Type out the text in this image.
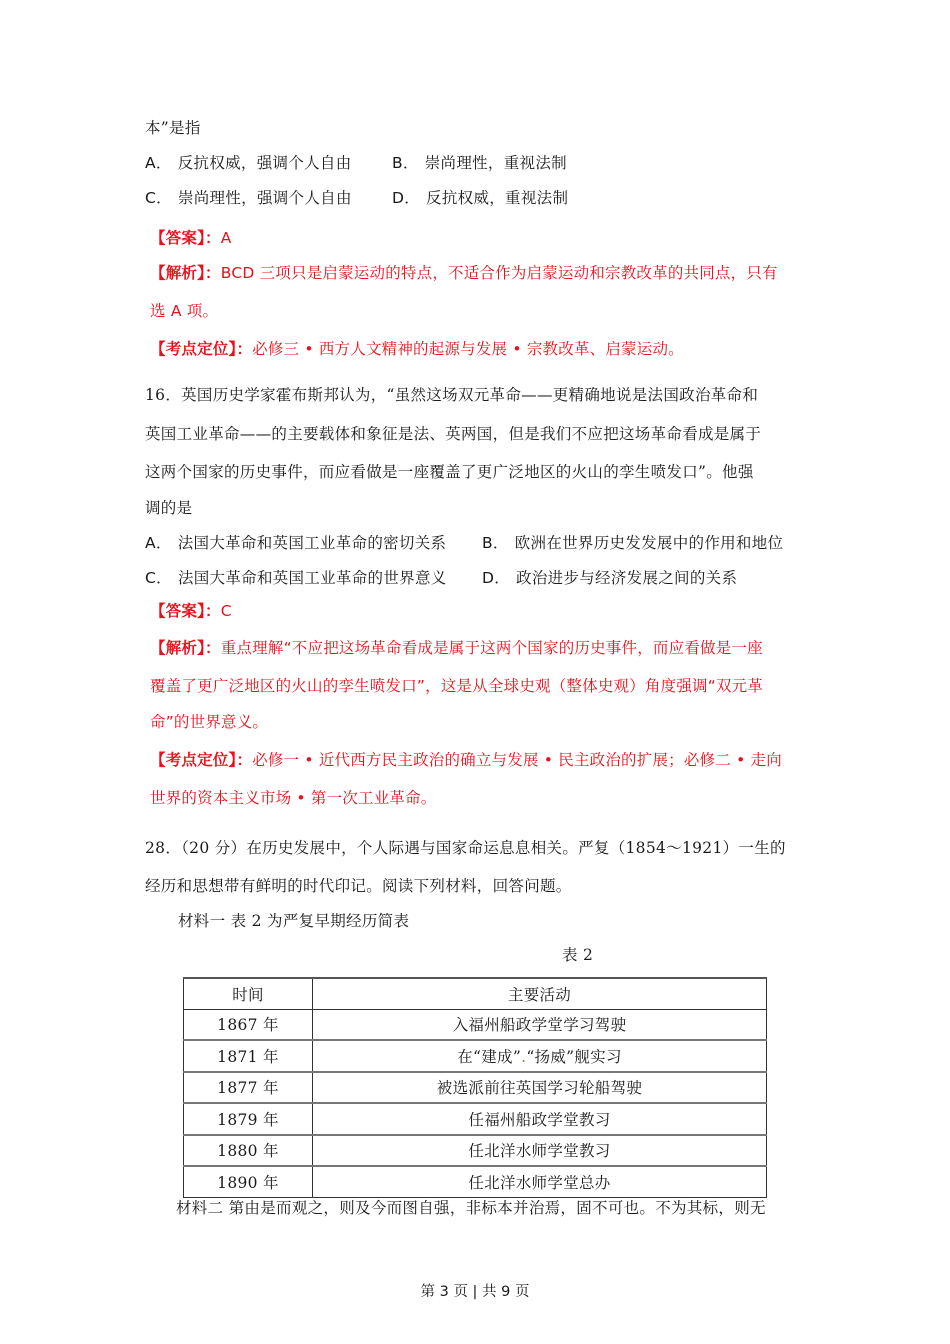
本”是指
A． 反抗权威，强调个人自由	B． 崇尚理性，重视法制
C． 崇尚理性，强调个人自由	D． 反抗权威，重视法制
【答案】：A
【解析】：BCD 三项只是启蒙运动的特点，不适合作为启蒙运动和宗教改革的共同点，只有
选 A 项。
【考点定位】：必修三 • 西方人文精神的起源与发展 • 宗教改革、启蒙运动。
16．英国历史学家霍布斯邦认为，“虽然这场双元革命——更精确地说是法国政治革命和
英国工业革命——的主要载体和象征是法、英两国，但是我们不应把这场革命看成是属于
这两个国家的历史事件，而应看做是一座覆盖了更广泛地区的火山的孪生喷发口”。他强
调的是
A． 法国大革命和英国工业革命的密切关系 B． 欧洲在世界历史发发展中的作用和地位
C． 法国大革命和英国工业革命的世界意义 D． 政治进步与经济发展之间的关系
【答案】：C
【解析】：重点理解“不应把这场革命看成是属于这两个国家的历史事件，而应看做是一座
覆盖了更广泛地区的火山的孪生喷发口”，这是从全球史观（整体史观）角度强调“双元革
命”的世界意义。
【考点定位】：必修一 • 近代西方民主政治的确立与发展 • 民主政治的扩展；必修二 • 走向
世界的资本主义市场 • 第一次工业革命。
28．（20 分）在历史发展中，个人际遇与国家命运息息相关。严复（1854～1921）一生的
经历和思想带有鲜明的时代印记。阅读下列材料，回答问题。
材料一 表 2 为严复早期经历简表
表 2
时间	主要活动
1867 年	入福州船政学堂学习驾驶
1871 年	在“建成”.“扬威”舰实习
1877 年	被选派前往英国学习轮船驾驶
1879 年	任福州船政学堂教习
1880 年	任北洋水师学堂教习
1890 年	任北洋水师学堂总办
材料二 第由是而观之，则及今而图自强，非标本并治焉，固不可也。不为其标，则无
第 3 页 | 共 9 页
